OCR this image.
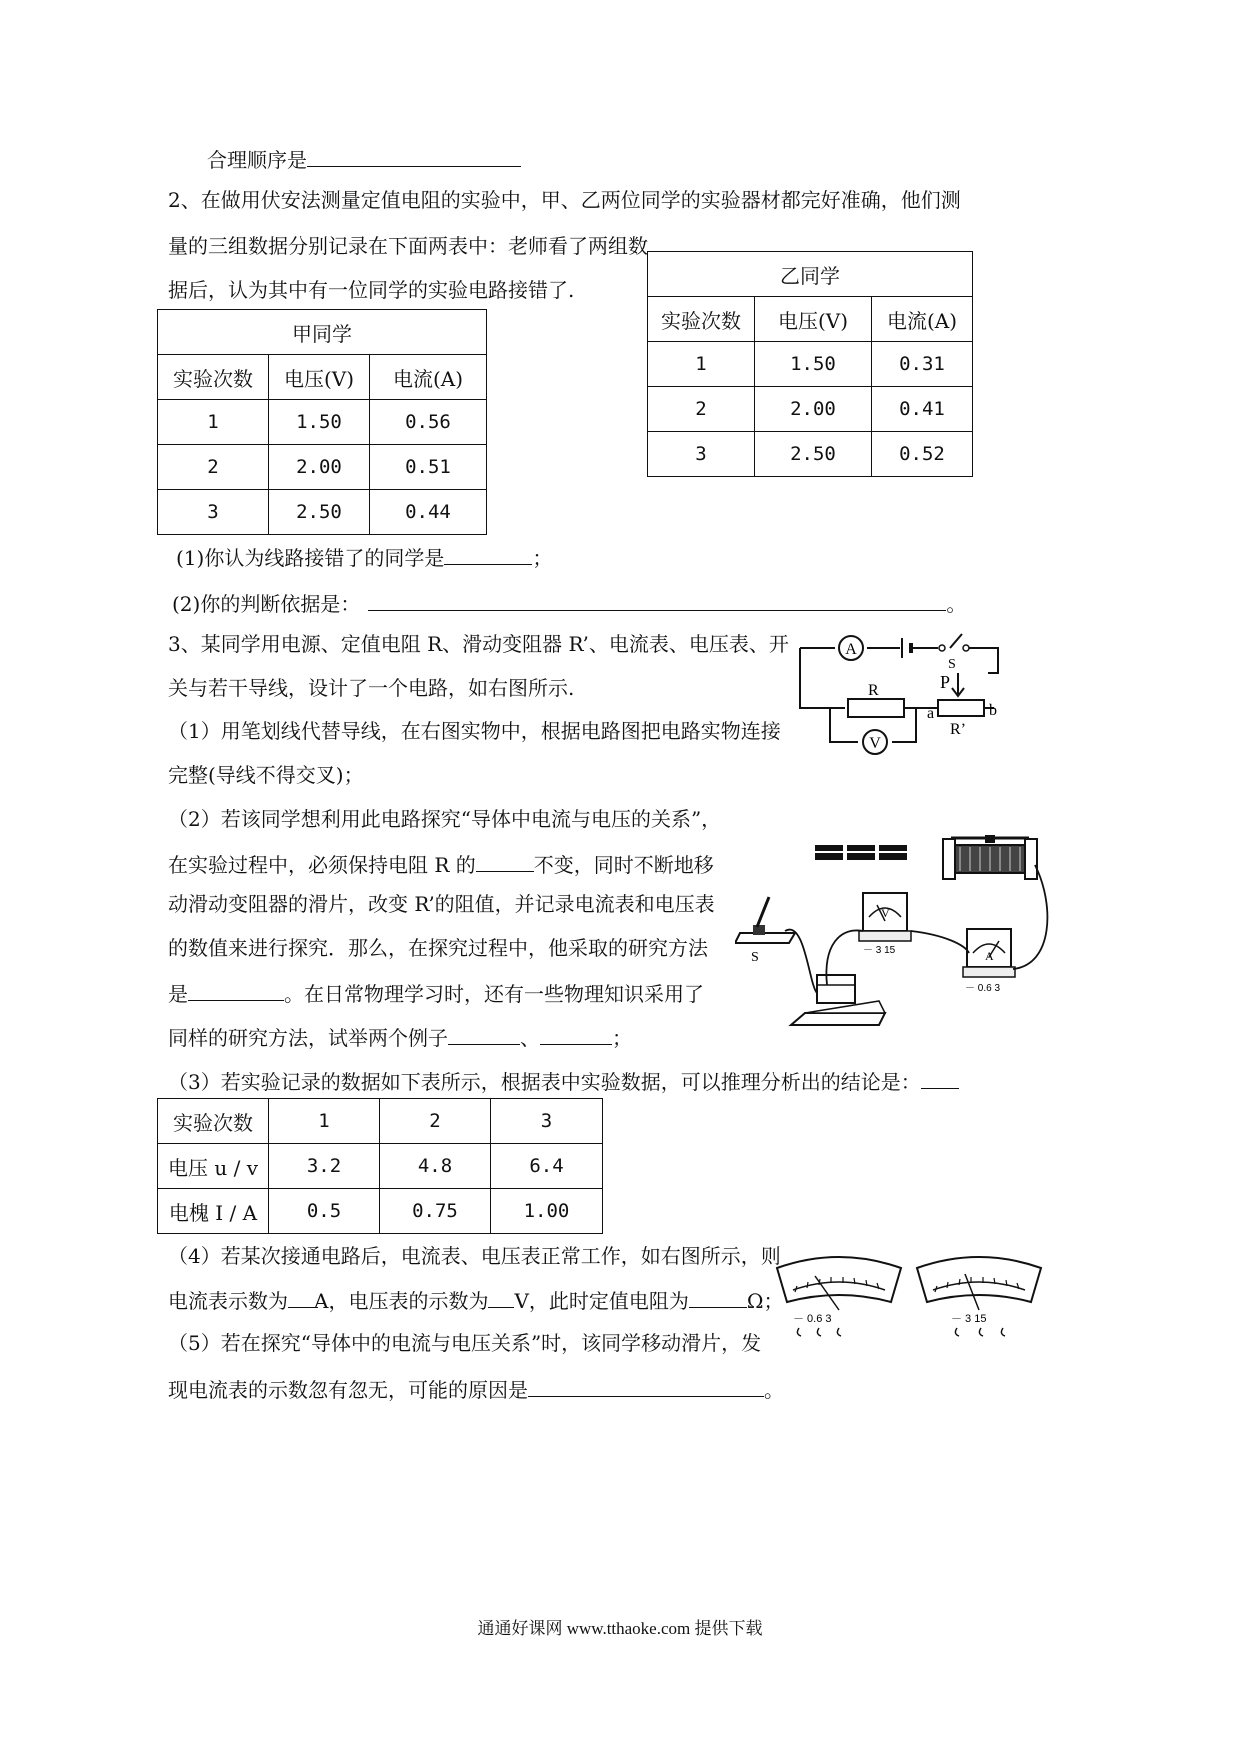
合理顺序是
2、在做用伏安法测量定值电阻的实验中，甲、乙两位同学的实验器材都完好准确，他们测
量的三组数据分别记录在下面两表中：老师看了两组数
据后，认为其中有一位同学的实验电路接错了.
甲同学		
实验次数	电压(V)	电流(A)
1	1.50	0.56
2	2.00	0.51
3	2.50	0.44
乙同学		
实验次数	电压(V)	电流(A)
1	1.50	0.31
2	2.00	0.41
3	2.50	0.52
(1)你认为线路接错了的同学是	；
(2)你的判断依据是：	。
3、某同学用电源、定值电阻 R、滑动变阻器 R’、电流表、电压表、开
关与若干导线，设计了一个电路，如右图所示.
（1）用笔划线代替导线，在右图实物中，根据电路图把电路实物连接
完整(导线不得交叉)；
（2）若该同学想利用此电路探究“导体中电流与电压的关系”，
在实验过程中，必须保持电阻 R 的	不变，同时不断地移
动滑动变阻器的滑片，改变 R’的阻值，并记录电流表和电压表
的数值来进行探究．那么，在探究过程中，他采取的研究方法
是	。在日常物理学习时，还有一些物理知识采用了
同样的研究方法，试举两个例子	、	；
（3）若实验记录的数据如下表所示，根据表中实验数据，可以推理分析出的结论是：
实验次数	1	2	3
电压 u / v	3.2	4.8	6.4
电槐 I / A	0.5	0.75	1.00
（4）若某次接通电路后，电流表、电压表正常工作，如右图所示，则
电流表示数为 A，电压表的示数为 V，此时定值电阻为	Ω；
（5）若在探究“导体中的电流与电压关系”时，该同学移动滑片，发
现电流表的示数忽有忽无，可能的原因是	。
A
R
V
R’
P
a	b
S
S
V
－ 3 15	A
－ 0.6 3
－ 0.6 3	－ 3 15
通通好课网 www.tthaoke.com 提供下载
